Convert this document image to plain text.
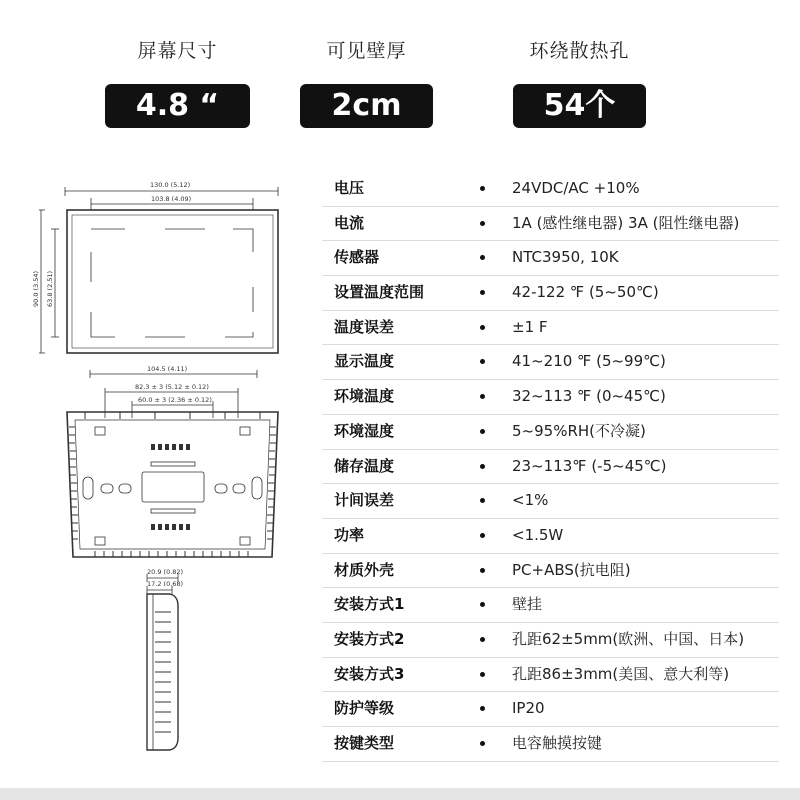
屏幕尺寸
4.8 “
可见壁厚
2cm
环绕散热孔
54个
130.0 (5.12)
103.8 (4.09)
90.0 (3.54) 63.8 (2.51)
104.5 (4.11)
82.3 ± 3 (5.12 ± 0.12)
60.0 ± 3 (2.36 ± 0.12)
20.9 (0.82)
17.2 (0.68)
电压	24VDC/AC +10%
电流	1A (感性继电器) 3A (阻性继电器)
传感器	NTC3950, 10K
设置温度范围	42-122 ℉ (5~50℃)
温度误差	±1 F
显示温度	41~210 ℉ (5~99℃)
环境温度	32~113 ℉ (0~45℃)
环境湿度	5~95%RH(不冷凝)
储存温度	23~113℉ (-5~45℃)
计间误差	<1%
功率	<1.5W
材质外壳	PC+ABS(抗电阻)
安装方式1	壁挂
安装方式2	孔距62±5mm(欧洲、中国、日本)
安装方式3	孔距86±3mm(美国、意大利等)
防护等级	IP20
按键类型	电容触摸按键
